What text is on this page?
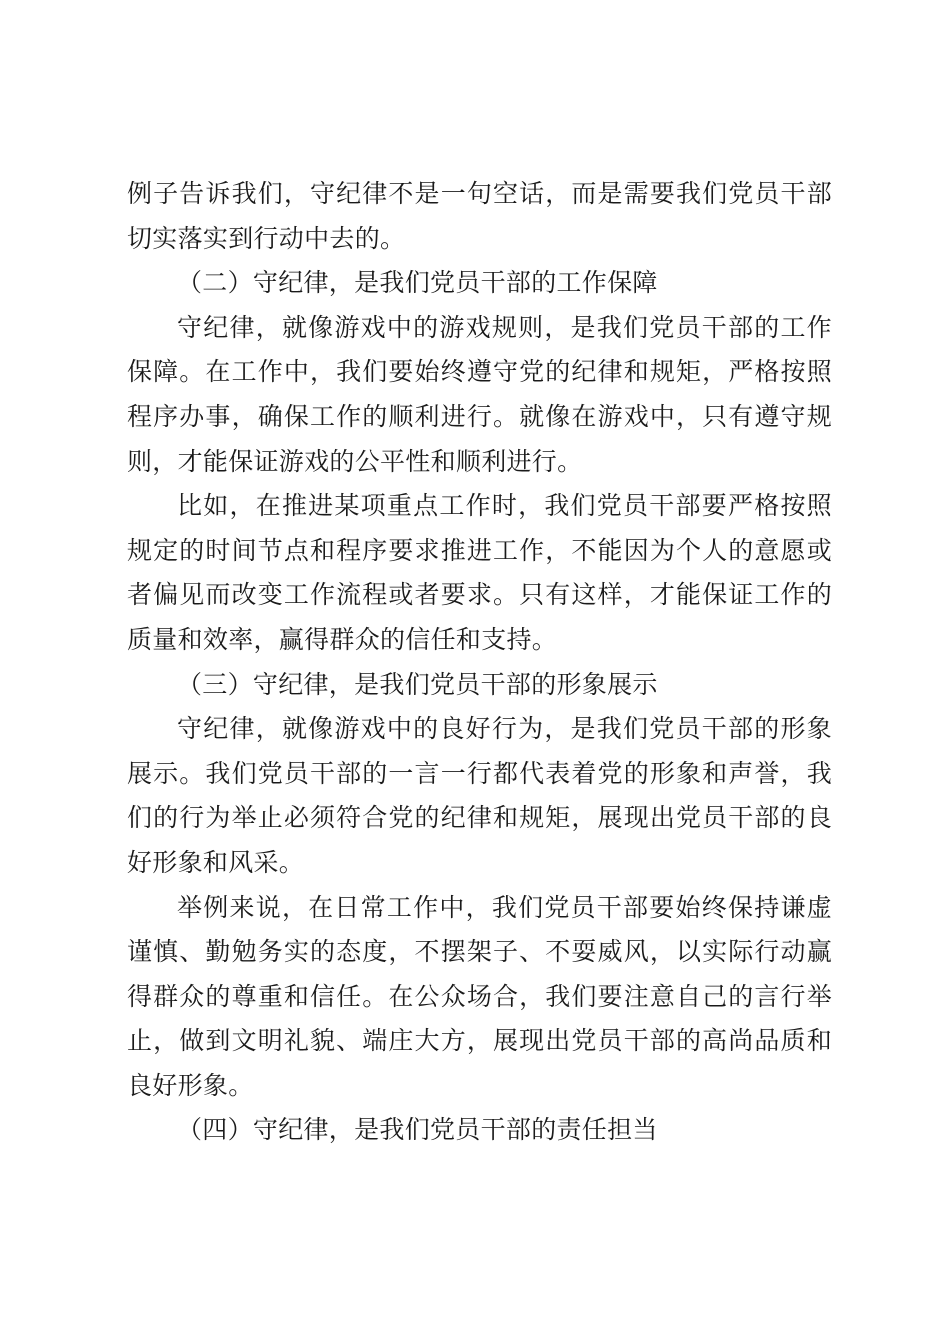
例子告诉我们，守纪律不是一句空话，而是需要我们党员干部切实落实到行动中去的。

（二）守纪律，是我们党员干部的工作保障

守纪律，就像游戏中的游戏规则，是我们党员干部的工作保障。在工作中，我们要始终遵守党的纪律和规矩，严格按照程序办事，确保工作的顺利进行。就像在游戏中，只有遵守规则，才能保证游戏的公平性和顺利进行。

比如，在推进某项重点工作时，我们党员干部要严格按照规定的时间节点和程序要求推进工作，不能因为个人的意愿或者偏见而改变工作流程或者要求。只有这样，才能保证工作的质量和效率，赢得群众的信任和支持。

（三）守纪律，是我们党员干部的形象展示

守纪律，就像游戏中的良好行为，是我们党员干部的形象展示。我们党员干部的一言一行都代表着党的形象和声誉，我们的行为举止必须符合党的纪律和规矩，展现出党员干部的良好形象和风采。

举例来说，在日常工作中，我们党员干部要始终保持谦虚谨慎、勤勉务实的态度，不摆架子、不耍威风，以实际行动赢得群众的尊重和信任。在公众场合，我们要注意自己的言行举止，做到文明礼貌、端庄大方，展现出党员干部的高尚品质和良好形象。

（四）守纪律，是我们党员干部的责任担当
